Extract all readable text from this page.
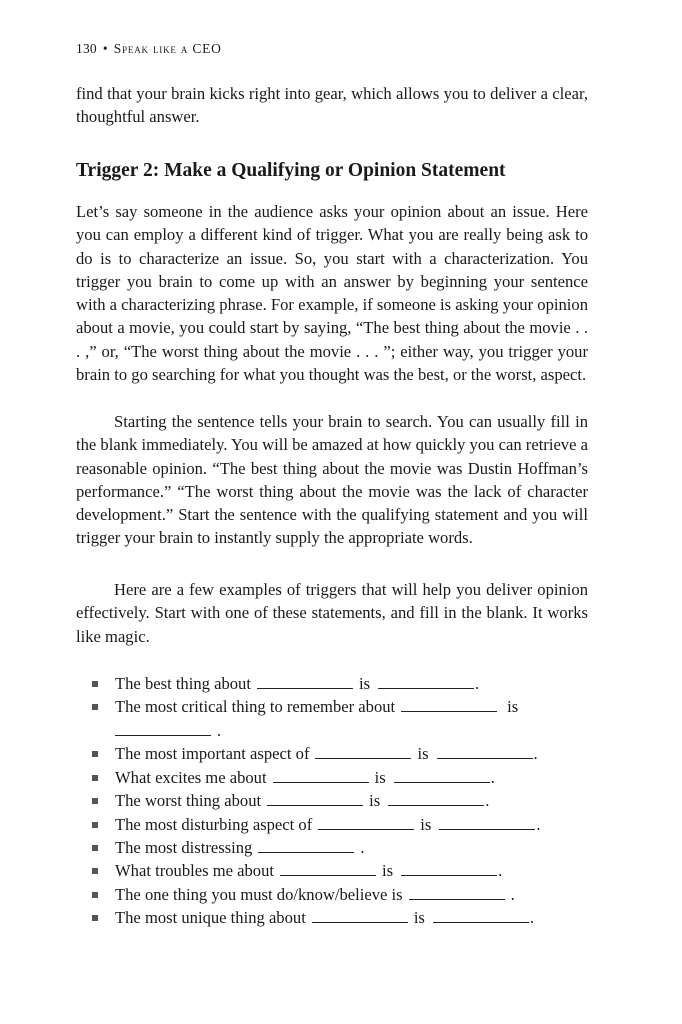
130 • Speak like a CEO

find that your brain kicks right into gear, which allows you to deliver a clear, thoughtful answer.

Trigger 2: Make a Qualifying or Opinion Statement

Let’s say someone in the audience asks your opinion about an issue. Here you can employ a different kind of trigger. What you are really being ask to do is to characterize an issue. So, you start with a characterization. You trigger you brain to come up with an answer by beginning your sentence with a characterizing phrase. For example, if someone is asking your opinion about a movie, you could start by saying, “The best thing about the movie . . . ,” or, “The worst thing about the movie . . . ”; either way, you trigger your brain to go searching for what you thought was the best, or the worst, aspect.

Starting the sentence tells your brain to search. You can usually fill in the blank immediately. You will be amazed at how quickly you can retrieve a reasonable opinion. “The best thing about the movie was Dustin Hoffman’s performance.” “The worst thing about the movie was the lack of character development.” Start the sentence with the qualifying statement and you will trigger your brain to instantly supply the appropriate words.

Here are a few examples of triggers that will help you deliver opinion effectively. Start with one of these statements, and fill in the blank. It works like magic.

The best thing about	is	.
The most critical thing to remember about	is
.
The most important aspect of	is	.
What excites me about	is	.
The worst thing about	is	.
The most disturbing aspect of	is	.
The most distressing	.
What troubles me about	is	.
The one thing you must do/know/believe is	.
The most unique thing about	is	.
